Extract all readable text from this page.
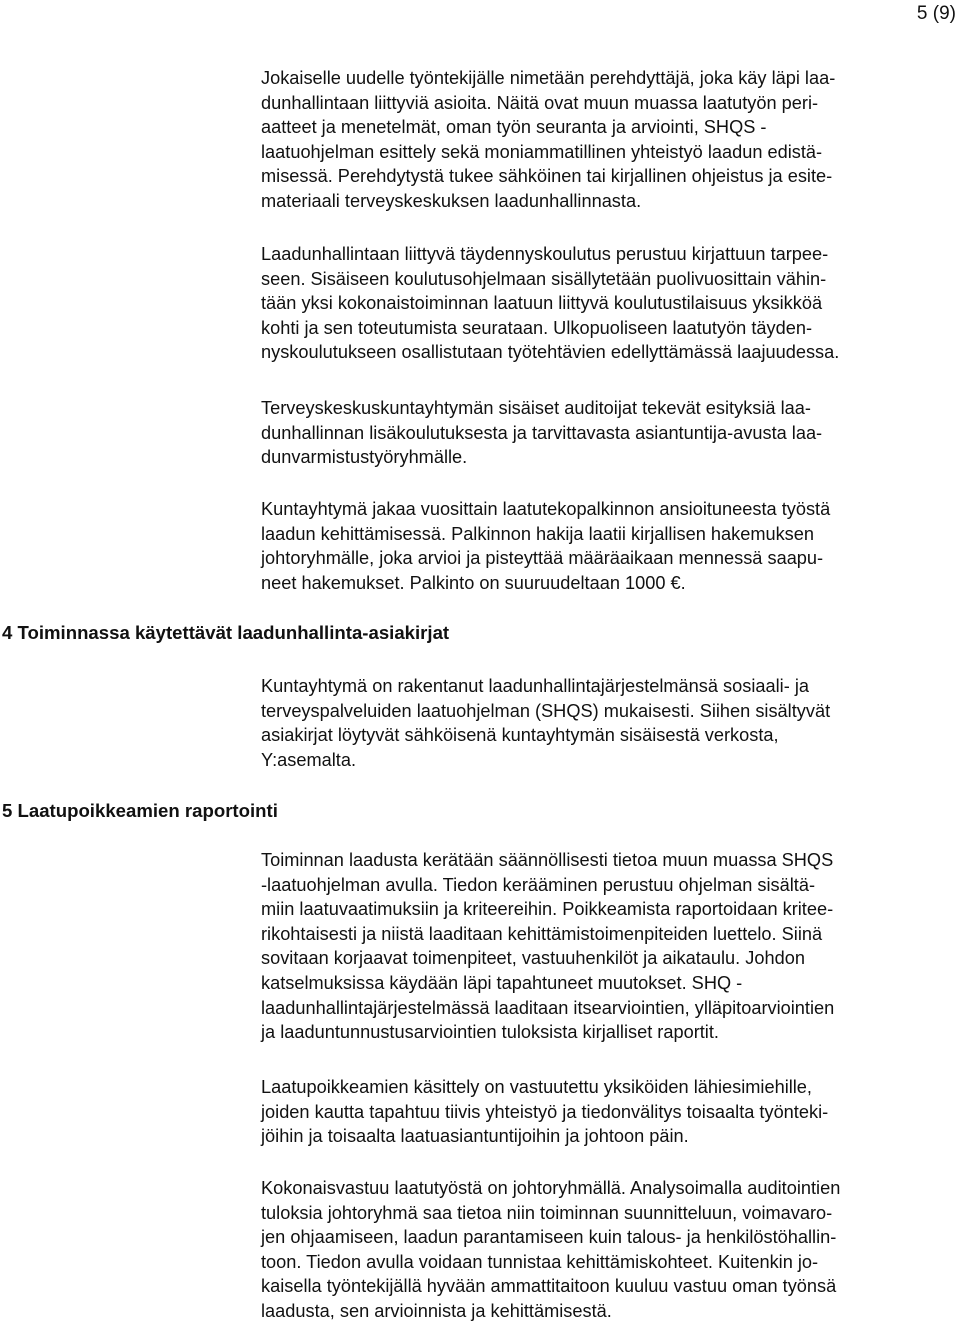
5 (9)
4 Toiminnassa käytettävät laadunhallinta-asiakirjat
5 Laatupoikkeamien raportointi
Jokaiselle uudelle työntekijälle nimetään perehdyttäjä, joka käy läpi laa-
dunhallintaan liittyviä asioita. Näitä ovat muun muassa laatutyön peri-
aatteet ja menetelmät, oman työn seuranta ja arviointi, SHQS -
laatuohjelman esittely sekä moniammatillinen yhteistyö laadun edistä-
misessä. Perehdytystä tukee sähköinen tai kirjallinen ohjeistus ja esite-
materiaali terveyskeskuksen laadunhallinnasta.
Laadunhallintaan liittyvä täydennyskoulutus perustuu kirjattuun tarpee-
seen. Sisäiseen koulutusohjelmaan sisällytetään puolivuosittain vähin-
tään yksi kokonaistoiminnan laatuun liittyvä koulutustilaisuus yksikköä
kohti ja sen toteutumista seurataan. Ulkopuoliseen laatutyön täyden-
nyskoulutukseen osallistutaan työtehtävien edellyttämässä laajuudessa.
Terveyskeskuskuntayhtymän sisäiset auditoijat tekevät esityksiä laa-
dunhallinnan lisäkoulutuksesta ja tarvittavasta asiantuntija-avusta laa-
dunvarmistustyöryhmälle.
Kuntayhtymä jakaa vuosittain laatutekopalkinnon ansioituneesta työstä
laadun kehittämisessä. Palkinnon hakija laatii kirjallisen hakemuksen
johtoryhmälle, joka arvioi ja pisteyttää määräaikaan mennessä saapu-
neet hakemukset. Palkinto on suuruudeltaan 1000 €.
Kuntayhtymä on rakentanut laadunhallintajärjestelmänsä sosiaali- ja
terveyspalveluiden laatuohjelman (SHQS) mukaisesti. Siihen sisältyvät
asiakirjat löytyvät sähköisenä kuntayhtymän sisäisestä verkosta,
Y:asemalta.
Toiminnan laadusta kerätään säännöllisesti tietoa muun muassa SHQS
-laatuohjelman avulla. Tiedon kerääminen perustuu ohjelman sisältä-
miin laatuvaatimuksiin ja kriteereihin. Poikkeamista raportoidaan kritee-
rikohtaisesti ja niistä laaditaan kehittämistoimenpiteiden luettelo. Siinä
sovitaan korjaavat toimenpiteet, vastuuhenkilöt ja aikataulu. Johdon
katselmuksissa käydään läpi tapahtuneet muutokset. SHQ -
laadunhallintajärjestelmässä laaditaan itsearviointien, ylläpitoarviointien
ja laaduntunnustusarviointien tuloksista kirjalliset raportit.
Laatupoikkeamien käsittely on vastuutettu yksiköiden lähiesimiehille,
joiden kautta tapahtuu tiivis yhteistyö ja tiedonvälitys toisaalta työnteki-
jöihin ja toisaalta laatuasiantuntijoihin ja johtoon päin.
Kokonaisvastuu laatutyöstä on johtoryhmällä. Analysoimalla auditointien
tuloksia johtoryhmä saa tietoa niin toiminnan suunnitteluun, voimavaro-
jen ohjaamiseen, laadun parantamiseen kuin talous- ja henkilöstöhallin-
toon. Tiedon avulla voidaan tunnistaa kehittämiskohteet. Kuitenkin jo-
kaisella työntekijällä hyvään ammattitaitoon kuuluu vastuu oman työnsä
laadusta, sen arvioinnista ja kehittämisestä.
